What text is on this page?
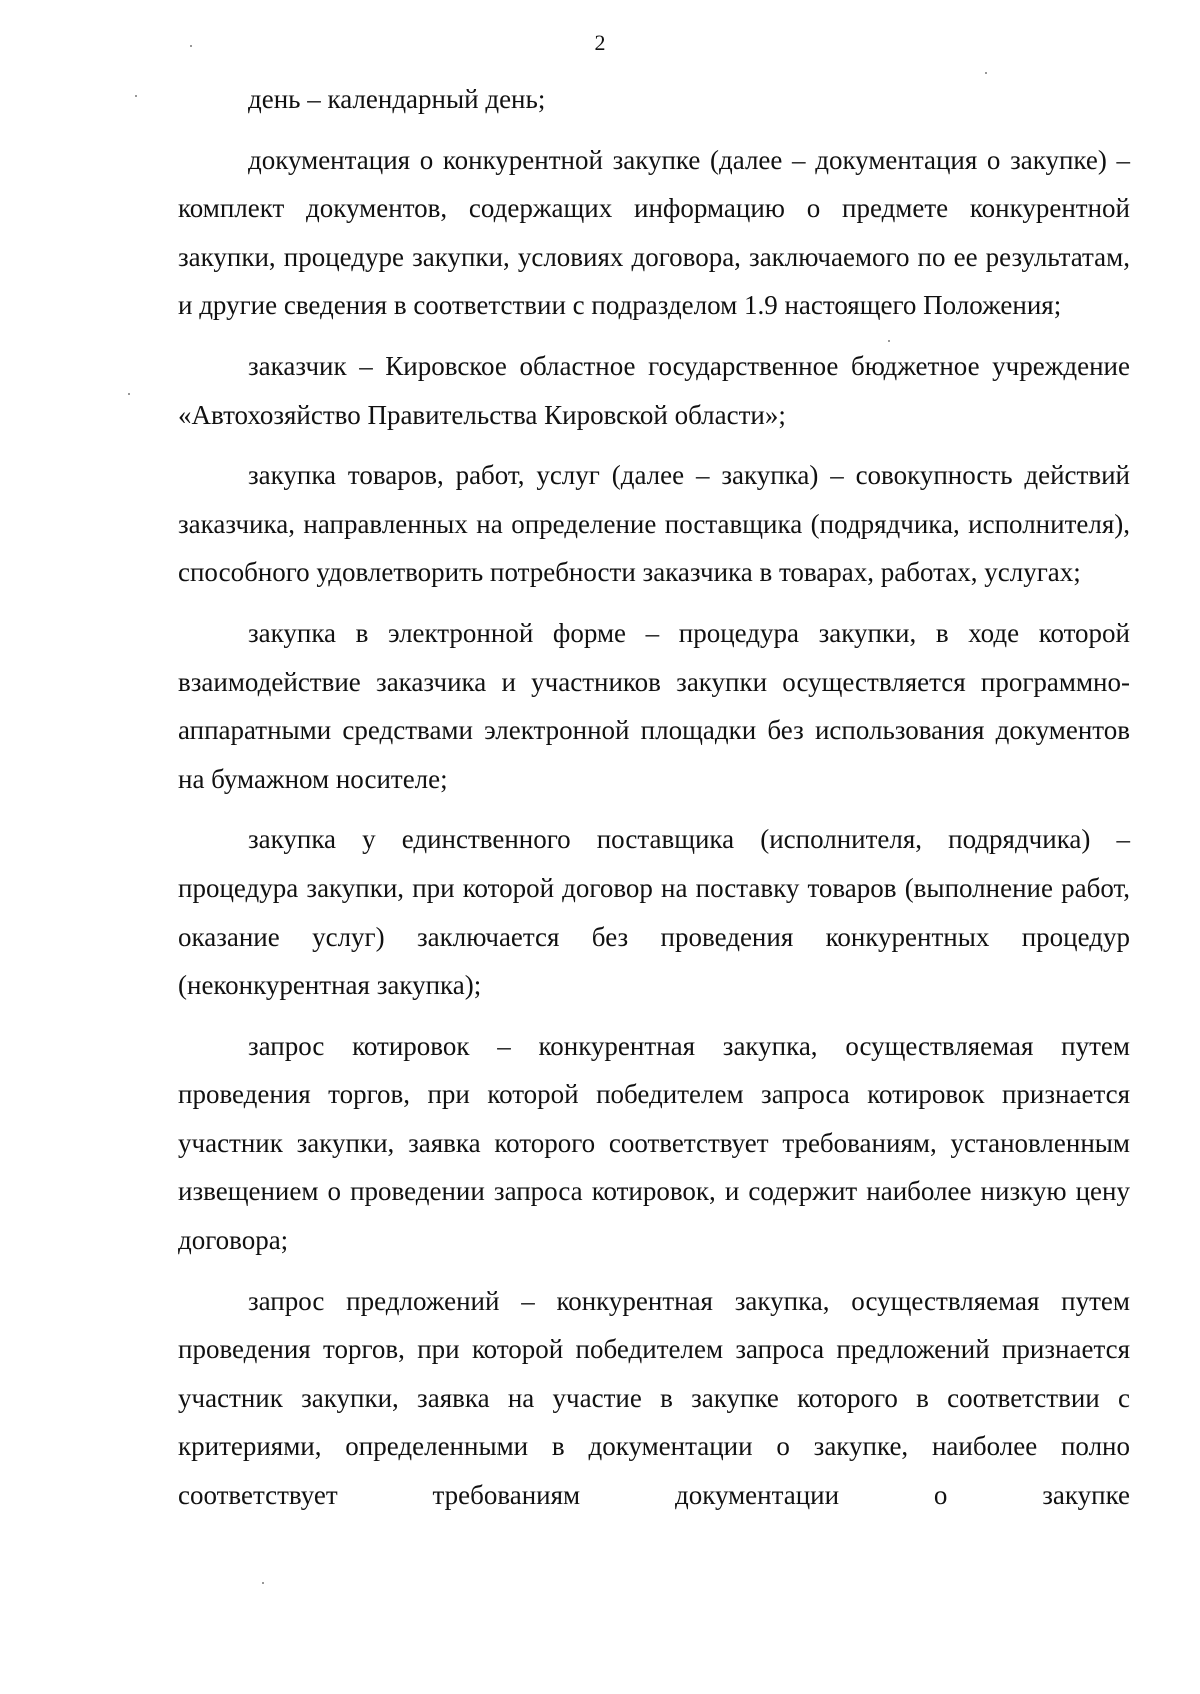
2

день – календарный день;

документация о конкурентной закупке (далее – документация о закупке) – комплект документов, содержащих информацию о предмете конкурентной закупки, процедуре закупки, условиях договора, заключаемого по ее результатам, и другие сведения в соответствии с подразделом 1.9 настоящего Положения;

заказчик – Кировское областное государственное бюджетное учреждение «Автохозяйство Правительства Кировской области»;

закупка товаров, работ, услуг (далее – закупка) – совокупность действий заказчика, направленных на определение поставщика (подрядчика, исполнителя), способного удовлетворить потребности заказчика в товарах, работах, услугах;

закупка в электронной форме – процедура закупки, в ходе которой взаимодействие заказчика и участников закупки осуществляется программно-аппаратными средствами электронной площадки без использования документов на бумажном носителе;

закупка у единственного поставщика (исполнителя, подрядчика) – процедура закупки, при которой договор на поставку товаров (выполнение работ, оказание услуг) заключается без проведения конкурентных процедур (неконкурентная закупка);

запрос котировок – конкурентная закупка, осуществляемая путем проведения торгов, при которой победителем запроса котировок признается участник закупки, заявка которого соответствует требованиям, установленным извещением о проведении запроса котировок, и содержит наиболее низкую цену договора;

запрос предложений – конкурентная закупка, осуществляемая путем проведения торгов, при которой победителем запроса предложений признается участник закупки, заявка на участие в закупке которого в соответствии с критериями, определенными в документации о закупке, наиболее полно соответствует требованиям документации о закупке
